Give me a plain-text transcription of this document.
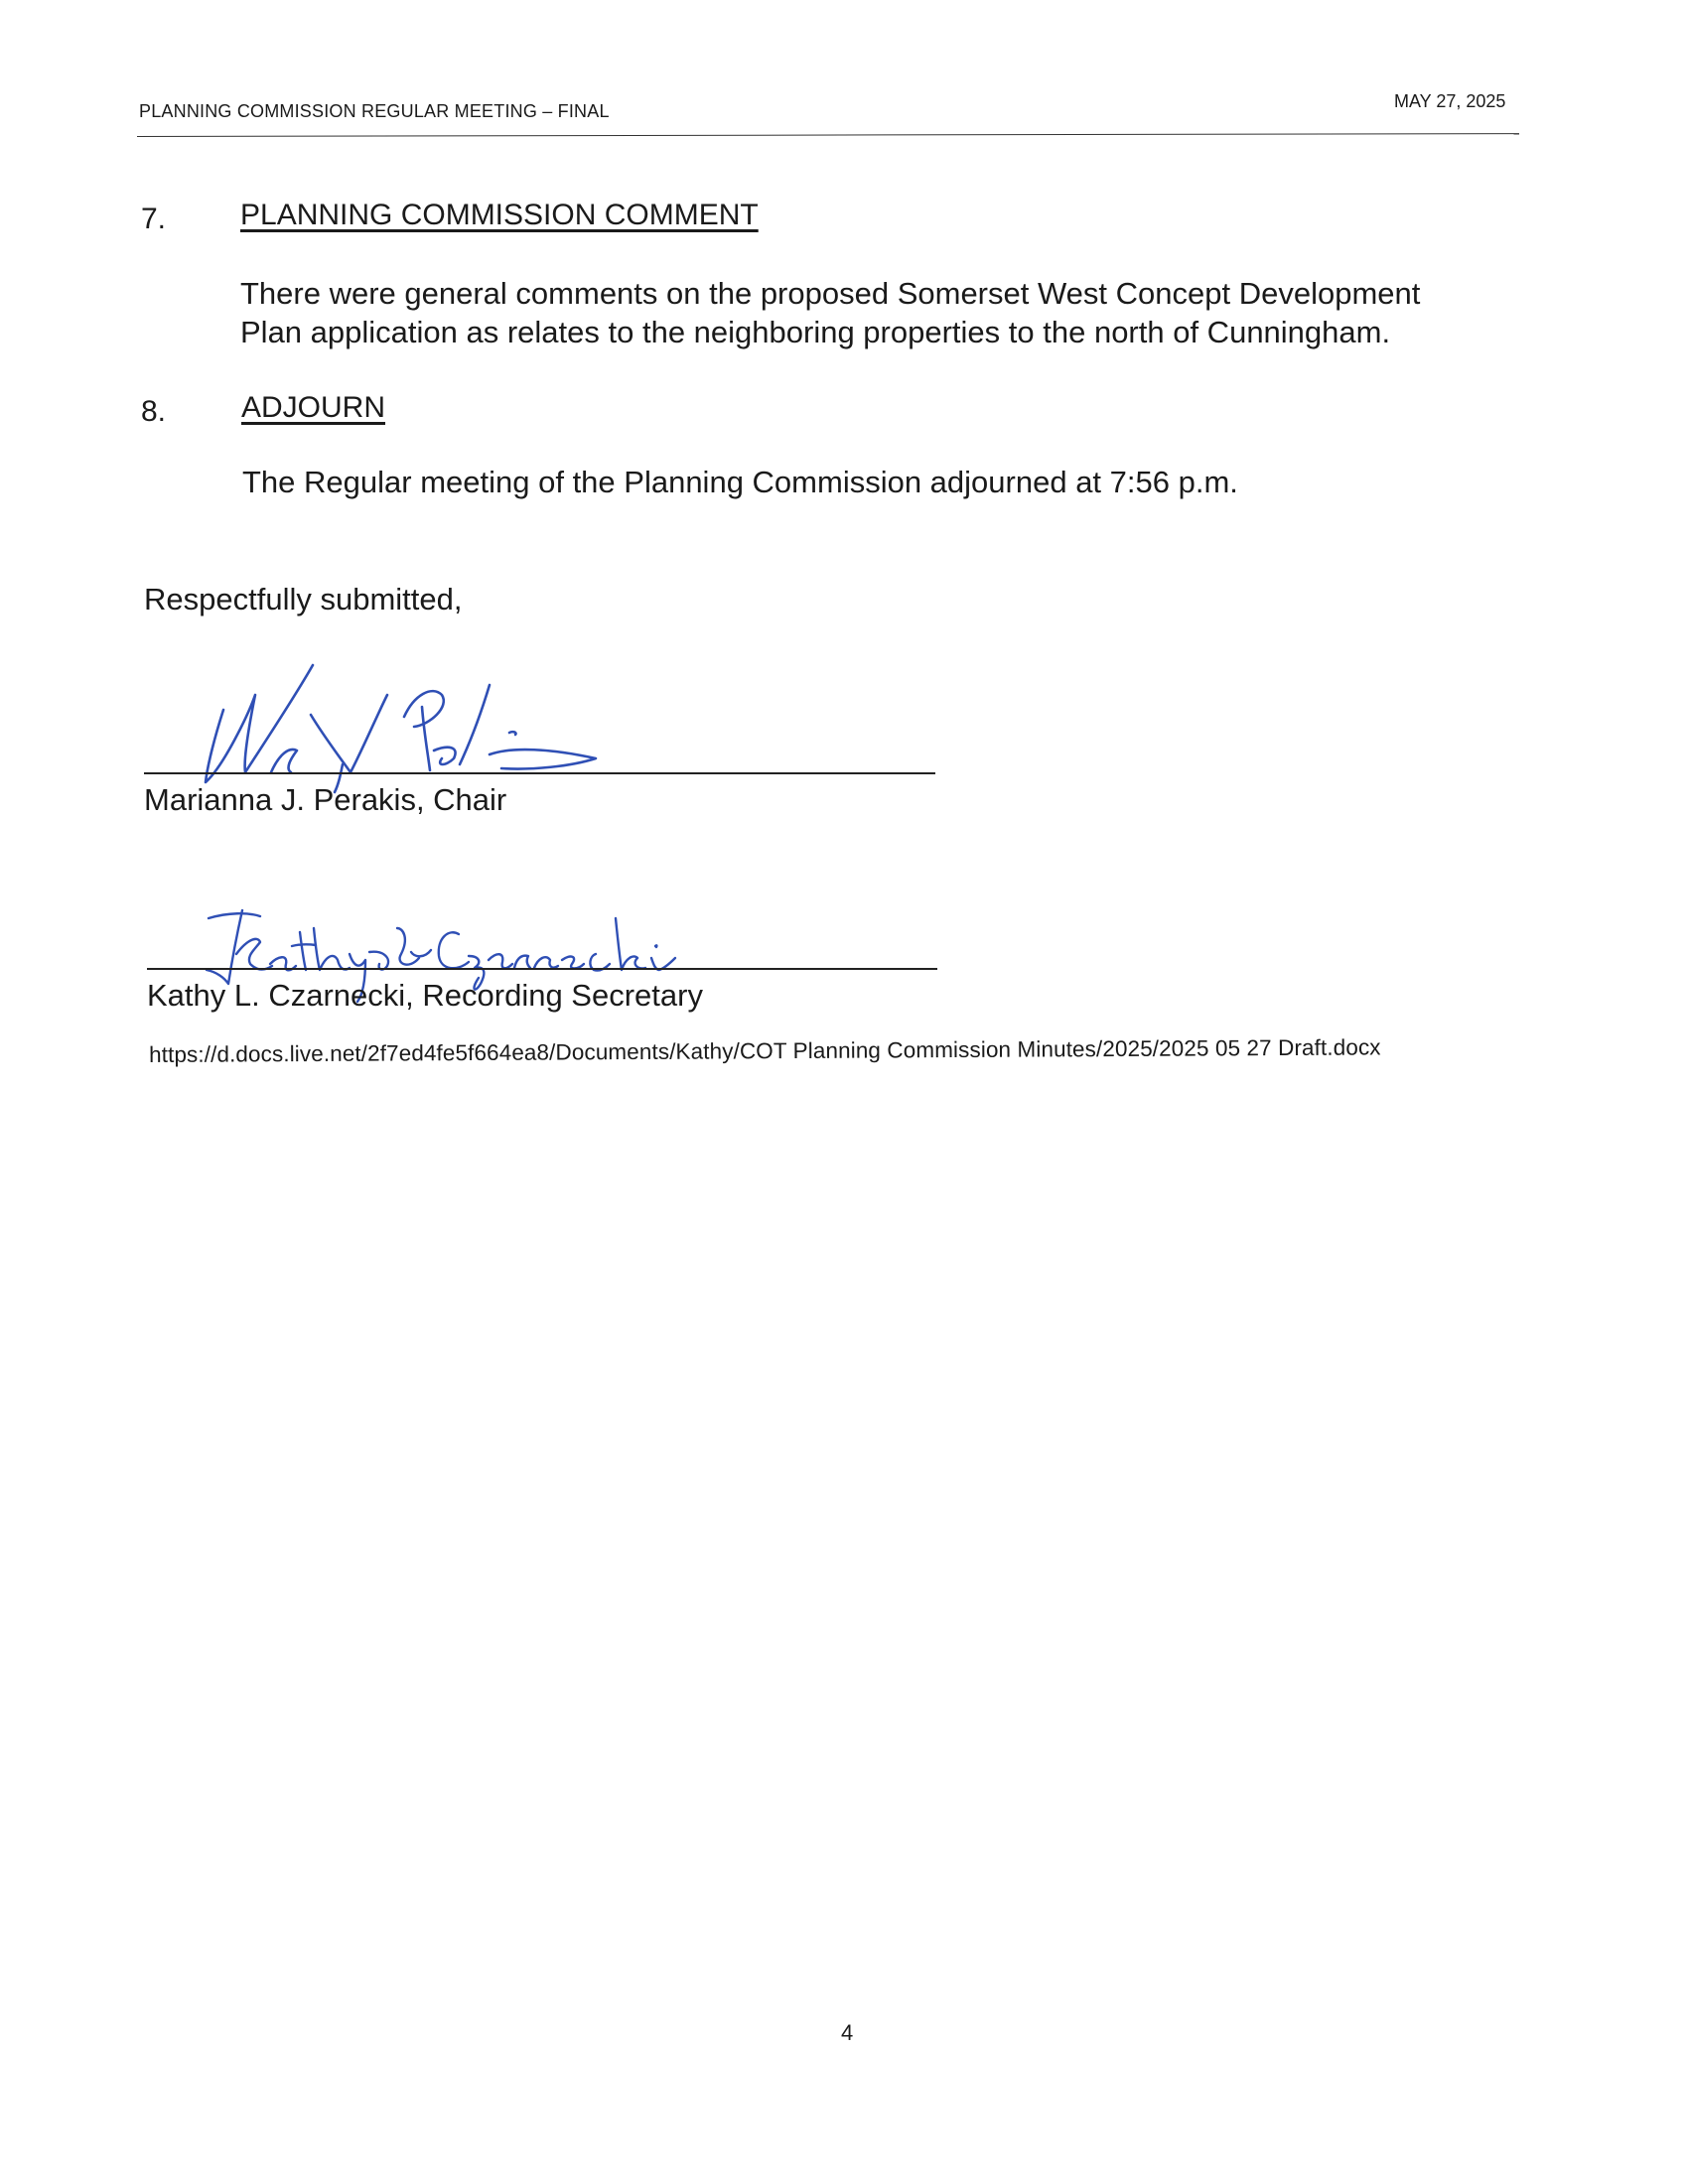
PLANNING COMMISSION REGULAR MEETING – FINAL	MAY 27, 2025
7. PLANNING COMMISSION COMMENT
There were general comments on the proposed Somerset West Concept Development
Plan application as relates to the neighboring properties to the north of Cunningham.
8.	ADJOURN
The Regular meeting of the Planning Commission adjourned at 7:56 p.m.
Respectfully submitted,
Marianna J. Perakis, Chair
Kathy L. Czarnecki, Recording Secretary
https://d.docs.live.net/2f7ed4fe5f664ea8/Documents/Kathy/COT Planning Commission Minutes/2025/2025 05 27 Draft.docx
4
